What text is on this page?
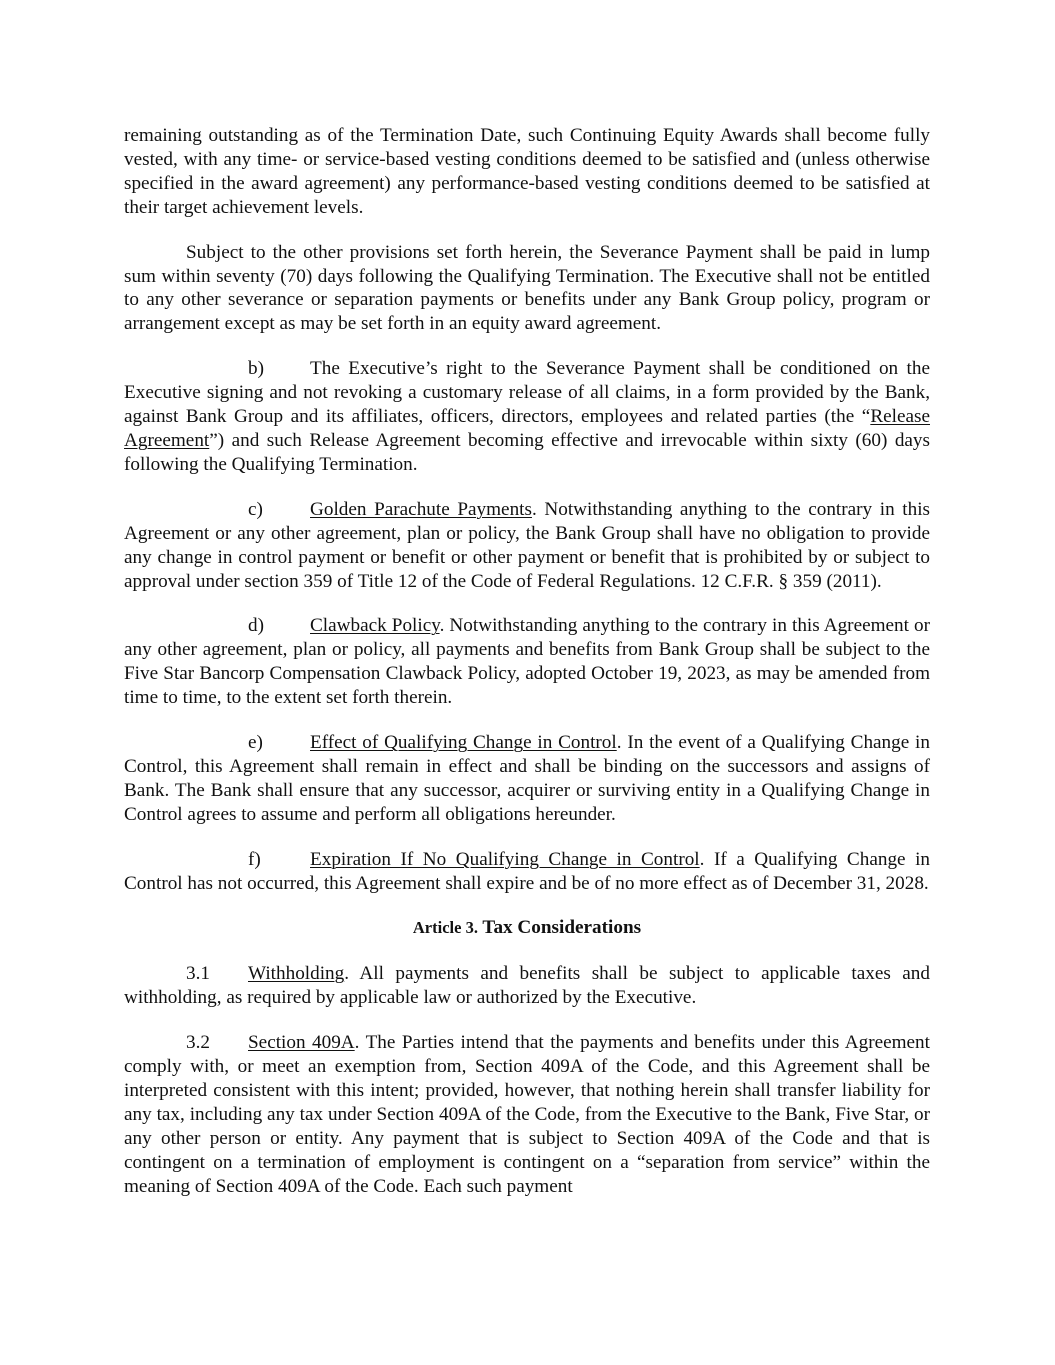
remaining outstanding as of the Termination Date, such Continuing Equity Awards shall become fully vested, with any time- or service-based vesting conditions deemed to be satisfied and (unless otherwise specified in the award agreement) any performance-based vesting conditions deemed to be satisfied at their target achievement levels.

Subject to the other provisions set forth herein, the Severance Payment shall be paid in lump sum within seventy (70) days following the Qualifying Termination. The Executive shall not be entitled to any other severance or separation payments or benefits under any Bank Group policy, program or arrangement except as may be set forth in an equity award agreement.

b) The Executive’s right to the Severance Payment shall be conditioned on the Executive signing and not revoking a customary release of all claims, in a form provided by the Bank, against Bank Group and its affiliates, officers, directors, employees and related parties (the “Release Agreement”) and such Release Agreement becoming effective and irrevocable within sixty (60) days following the Qualifying Termination.

c) Golden Parachute Payments. Notwithstanding anything to the contrary in this Agreement or any other agreement, plan or policy, the Bank Group shall have no obligation to provide any change in control payment or benefit or other payment or benefit that is prohibited by or subject to approval under section 359 of Title 12 of the Code of Federal Regulations. 12 C.F.R. § 359 (2011).

d) Clawback Policy. Notwithstanding anything to the contrary in this Agreement or any other agreement, plan or policy, all payments and benefits from Bank Group shall be subject to the Five Star Bancorp Compensation Clawback Policy, adopted October 19, 2023, as may be amended from time to time, to the extent set forth therein.

e) Effect of Qualifying Change in Control. In the event of a Qualifying Change in Control, this Agreement shall remain in effect and shall be binding on the successors and assigns of Bank. The Bank shall ensure that any successor, acquirer or surviving entity in a Qualifying Change in Control agrees to assume and perform all obligations hereunder.

f)	Expiration If No Qualifying Change in Control. If a Qualifying Change in Control has not occurred, this Agreement shall expire and be of no more effect as of December 31, 2028.

Article 3. Tax Considerations

3.1 Withholding. All payments and benefits shall be subject to applicable taxes and withholding, as required by applicable law or authorized by the Executive.

3.2 Section 409A. The Parties intend that the payments and benefits under this Agreement comply with, or meet an exemption from, Section 409A of the Code, and this Agreement shall be interpreted consistent with this intent; provided, however, that nothing herein shall transfer liability for any tax, including any tax under Section 409A of the Code, from the Executive to the Bank, Five Star, or any other person or entity. Any payment that is subject to Section 409A of the Code and that is contingent on a termination of employment is contingent on a “separation from service” within the meaning of Section 409A of the Code. Each such payment
